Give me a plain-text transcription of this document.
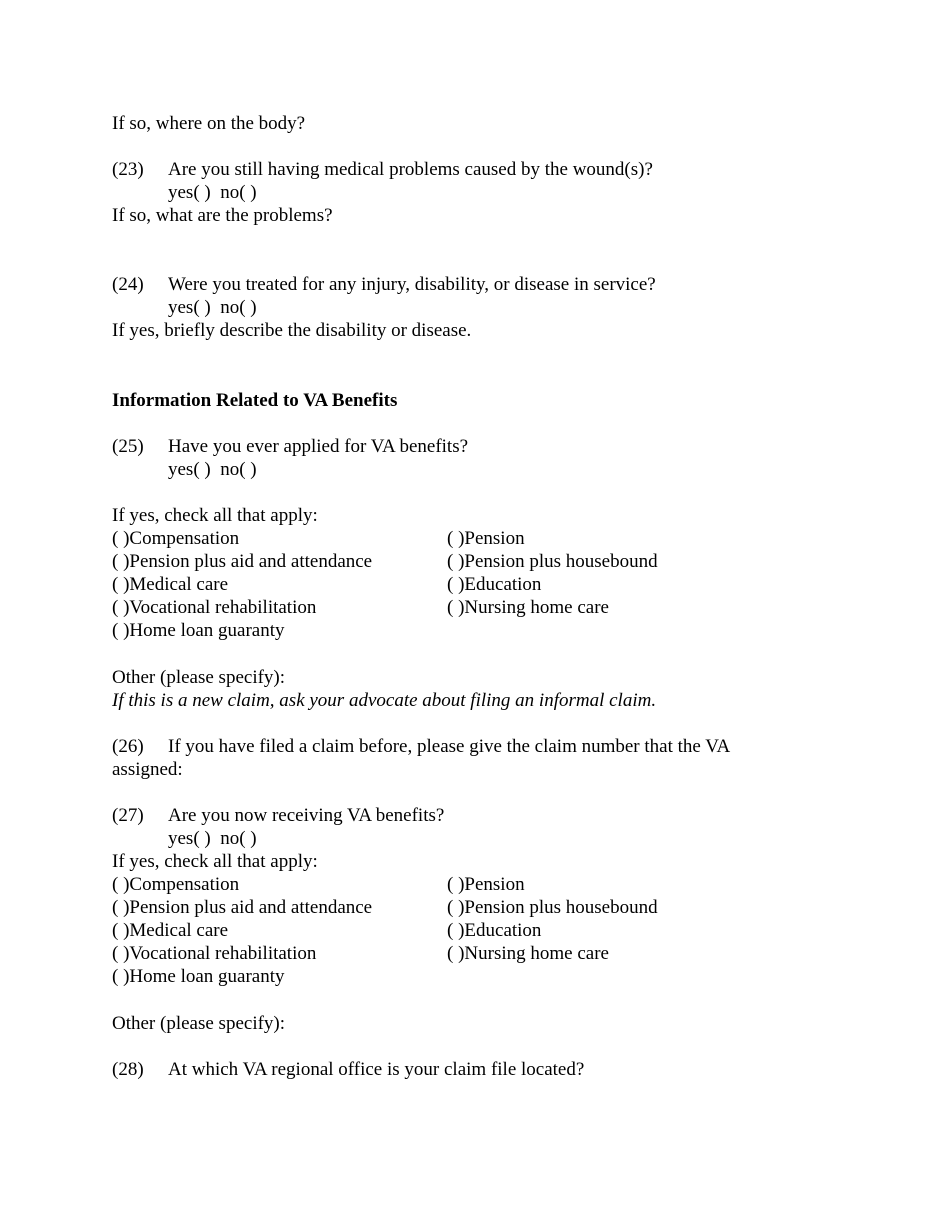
If so, where on the body?
(23) Are you still having medical problems caused by the wound(s)?
yes( ) no( )
If so, what are the problems?
(24) Were you treated for any injury, disability, or disease in service?
yes( ) no( )
If yes, briefly describe the disability or disease.
Information Related to VA Benefits
(25) Have you ever applied for VA benefits?
yes( ) no( )
If yes, check all that apply:
( )Compensation	( )Pension
( )Pension plus aid and attendance	( )Pension plus housebound
( )Medical care	( )Education
( )Vocational rehabilitation	( )Nursing home care
( )Home loan guaranty
Other (please specify):
If this is a new claim, ask your advocate about filing an informal claim.
(26) If you have filed a claim before, please give the claim number that the VA
assigned:
(27) Are you now receiving VA benefits?
yes( ) no( )
If yes, check all that apply:
( )Compensation	( )Pension
( )Pension plus aid and attendance	( )Pension plus housebound
( )Medical care	( )Education
( )Vocational rehabilitation	( )Nursing home care
( )Home loan guaranty
Other (please specify):
(28) At which VA regional office is your claim file located?
